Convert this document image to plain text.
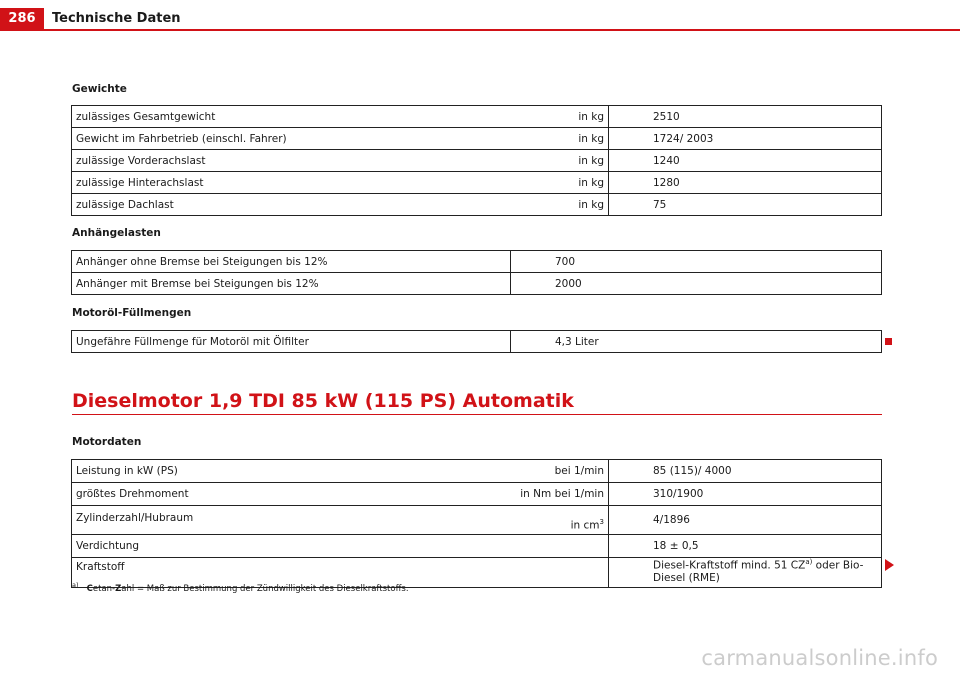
286	Technische Daten
Gewichte
zulässiges Gesamtgewicht	in kg	2510
Gewicht im Fahrbetrieb (einschl. Fahrer)	in kg	1724/ 2003
zulässige Vorderachslast	in kg	1240
zulässige Hinterachslast	in kg	1280
zulässige Dachlast	in kg	75
Anhängelasten
Anhänger ohne Bremse bei Steigungen bis 12%	700
Anhänger mit Bremse bei Steigungen bis 12%	2000
Motoröl-Füllmengen
Ungefähre Füllmenge für Motoröl mit Ölfilter	4,3 Liter
Dieselmotor 1,9 TDI 85 kW (115 PS) Automatik
Motordaten
Leistung in kW (PS)	bei 1/min	85 (115)/ 4000
größtes Drehmoment	in Nm bei 1/min	310/1900
Zylinderzahl/Hubraum	in $cm^3$	4/1896
Verdichtung		18 ± 0,5
Kraftstoff		Diesel-Kraftstoff mind. 51 CZ$^{a)}$ oder Bio-Diesel (RME)
$^{a)}$ Cetan-Zahl = Maß zur Bestimmung der Zündwilligkeit des Dieselkraftstoffs.
carmanualsonline.info
